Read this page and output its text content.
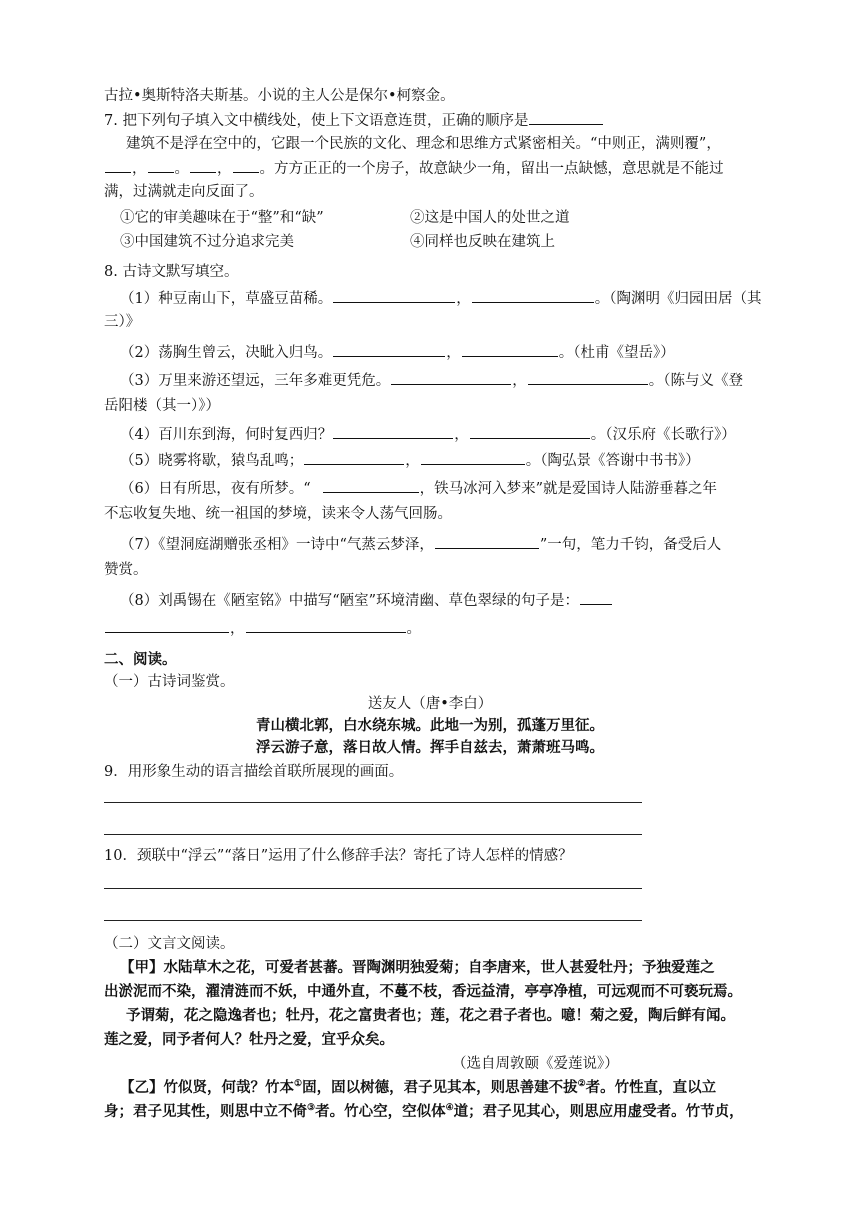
古拉•奥斯特洛夫斯基。小说的主人公是保尔•柯察金。
7. 把下列句子填入文中横线处，使上下文语意连贯，正确的顺序是
建筑不是浮在空中的，它跟一个民族的文化、理念和思维方式紧密相关。“中则正，满则覆”，
， 。 ， 。方方正正的一个房子，故意缺少一角，留出一点缺憾，意思就是不能过
满，过满就走向反面了。
①它的审美趣味在于“整”和“缺”	②这是中国人的处世之道
③中国建筑不过分追求完美	④同样也反映在建筑上
8. 古诗文默写填空。
（1）种豆南山下，草盛豆苗稀。	，	。（陶渊明《归园田居（其
三）》
（2）荡胸生曾云，决眦入归鸟。	，	。（杜甫《望岳》）
（3）万里来游还望远，三年多难更凭危。	，	。（陈与义《登
岳阳楼（其一）》）
（4）百川东到海，何时复西归？	，	。（汉乐府《长歌行》）
（5）晓雾将歇，猿鸟乱鸣；	，	。（陶弘景《答谢中书书》）
（6）日有所思，夜有所梦。“	，铁马冰河入梦来”就是爱国诗人陆游垂暮之年
不忘收复失地、统一祖国的梦境，读来令人荡气回肠。
（7）《望洞庭湖赠张丞相》一诗中“气蒸云梦泽，	”一句，笔力千钧，备受后人
赞赏。
（8）刘禹锡在《陋室铭》中描写“陋室”环境清幽、草色翠绿的句子是：
，	。
二、阅读。
（一）古诗词鉴赏。
送友人（唐•李白）
青山横北郭，白水绕东城。此地一为别，孤蓬万里征。
浮云游子意，落日故人情。挥手自兹去，萧萧班马鸣。
9．用形象生动的语言描绘首联所展现的画面。
10．颈联中“浮云”“落日”运用了什么修辞手法？寄托了诗人怎样的情感？
（二）文言文阅读。
【甲】水陆草木之花，可爱者甚蕃。晋陶渊明独爱菊；自李唐来，世人甚爱牡丹；予独爱莲之
出淤泥而不染，濯清涟而不妖，中通外直，不蔓不枝，香远益清，亭亭净植，可远观而不可亵玩焉。
予谓菊，花之隐逸者也；牡丹，花之富贵者也；莲，花之君子者也。噫！菊之爱，陶后鲜有闻。
莲之爱，同予者何人？牡丹之爱，宜乎众矣。
（选自周敦颐《爱莲说》）
【乙】竹似贤，何哉？竹本①固，固以树德，君子见其本，则思善建不拔②者。竹性直，直以立
身；君子见其性，则思中立不倚③者。竹心空，空似体④道；君子见其心，则思应用虚受者。竹节贞，
